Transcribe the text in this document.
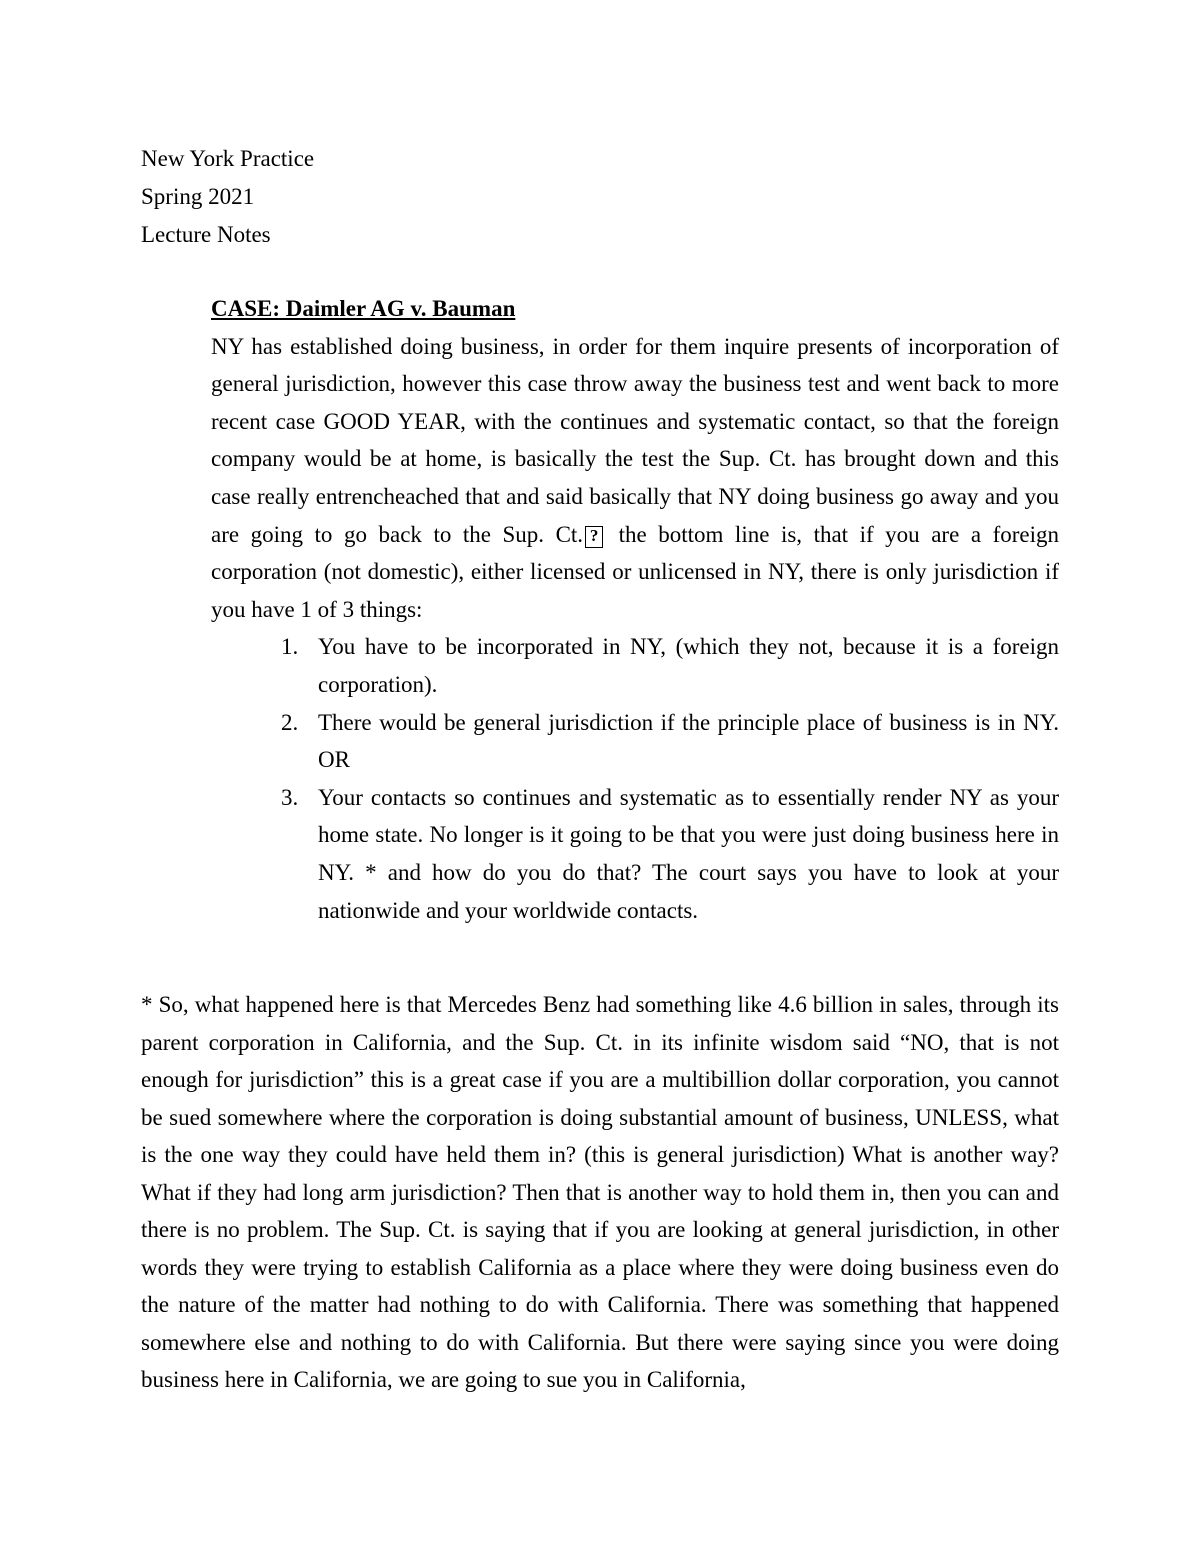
New York Practice
Spring 2021
Lecture Notes
CASE: Daimler AG v. Bauman

NY has established doing business, in order for them inquire presents of incorporation of general jurisdiction, however this case throw away the business test and went back to more recent case GOOD YEAR, with the continues and systematic contact, so that the foreign company would be at home, is basically the test the Sup. Ct. has brought down and this case really entrencheached that and said basically that NY doing business go away and you are going to go back to the Sup. Ct. ? the bottom line is, that if you are a foreign corporation (not domestic), either licensed or unlicensed in NY, there is only jurisdiction if you have 1 of 3 things:

1. You have to be incorporated in NY, (which they not, because it is a foreign corporation).
2. There would be general jurisdiction if the principle place of business is in NY. OR
3. Your contacts so continues and systematic as to essentially render NY as your home state. No longer is it going to be that you were just doing business here in NY. * and how do you do that? The court says you have to look at your nationwide and your worldwide contacts.

* So, what happened here is that Mercedes Benz had something like 4.6 billion in sales, through its parent corporation in California, and the Sup. Ct. in its infinite wisdom said “NO, that is not enough for jurisdiction” this is a great case if you are a multibillion dollar corporation, you cannot be sued somewhere where the corporation is doing substantial amount of business, UNLESS, what is the one way they could have held them in? (this is general jurisdiction) What is another way? What if they had long arm jurisdiction? Then that is another way to hold them in, then you can and there is no problem. The Sup. Ct. is saying that if you are looking at general jurisdiction, in other words they were trying to establish California as a place where they were doing business even do the nature of the matter had nothing to do with California. There was something that happened somewhere else and nothing to do with California. But there were saying since you were doing business here in California, we are going to sue you in California,
